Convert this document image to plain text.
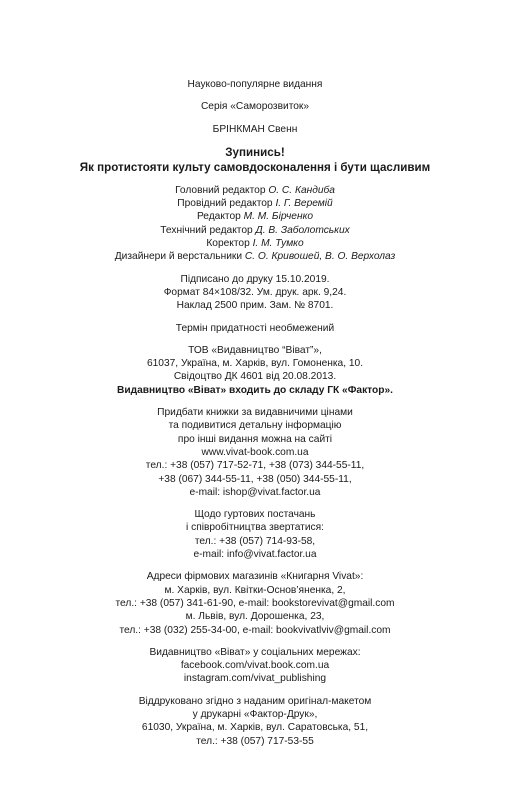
Науково-популярне видання
Серія «Саморозвиток»
БРІНКМАН Свенн
Зупинись!
Як протистояти культу самовдосконалення і бути щасливим
Головний редактор О. С. Кандиба
Провідний редактор І. Г. Веремій
Редактор М. М. Бірченко
Технічний редактор Д. В. Заболотських
Коректор І. М. Тумко
Дизайнери й верстальники С. О. Кривошей, В. О. Верхолаз
Підписано до друку 15.10.2019.
Формат 84×108/32. Ум. друк. арк. 9,24.
Наклад 2500 прим. Зам. № 8701.
Термін придатності необмежений
ТОВ «Видавництво “Віват”»,
61037, Україна, м. Харків, вул. Гомоненка, 10.
Свідоцтво ДК 4601 від 20.08.2013.
Видавництво «Віват» входить до складу ГК «Фактор».
Придбати книжки за видавничими цінами
та подивитися детальну інформацію
про інші видання можна на сайті
www.vivat-book.com.ua
тел.: +38 (057) 717-52-71, +38 (073) 344-55-11,
+38 (067) 344-55-11, +38 (050) 344-55-11,
e-mail: ishop@vivat.factor.ua
Щодо гуртових постачань
і співробітництва звертатися:
тел.: +38 (057) 714-93-58,
e-mail: info@vivat.factor.ua
Адреси фірмових магазинів «Книгарня Vivat»:
м. Харків, вул. Квітки-Основ’яненка, 2,
тел.: +38 (057) 341-61-90, e-mail: bookstorevivat@gmail.com
м. Львів, вул. Дорошенка, 23,
тел.: +38 (032) 255-34-00, e-mail: bookvivatlviv@gmail.com
Видавництво «Віват» у соціальних мережах:
facebook.com/vivat.book.com.ua
instagram.com/vivat_publishing
Віддруковано згідно з наданим оригінал-макетом
у друкарні «Фактор-Друк»,
61030, Україна, м. Харків, вул. Саратовська, 51,
тел.: +38 (057) 717-53-55
